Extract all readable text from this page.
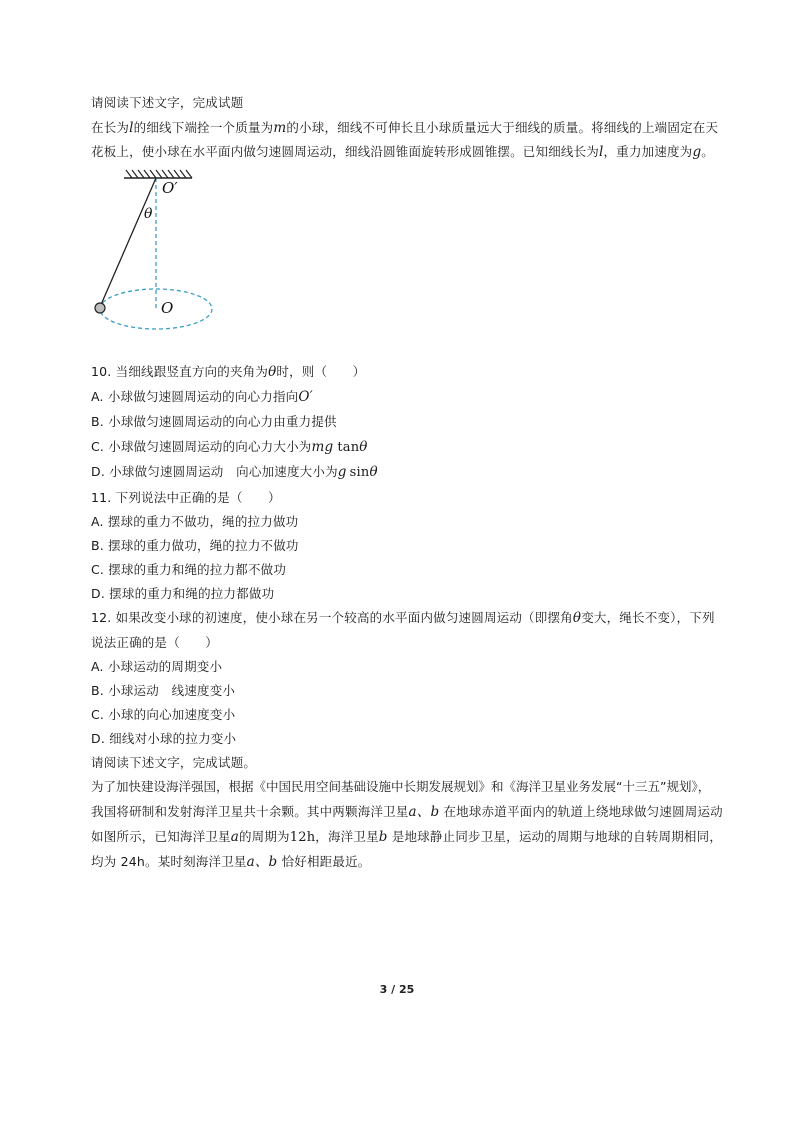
请阅读下述文字，完成试题
在长为l的细线下端拴一个质量为m的小球，细线不可伸长且小球质量远大于细线的质量。将细线的上端固定在天
花板上，使小球在水平面内做匀速圆周运动，细线沿圆锥面旋转形成圆锥摆。已知细线长为l，重力加速度为g。
O′
θ
O
10. 当细线跟竖直方向的夹角为θ时，则（　　）
A. 小球做匀速圆周运动的向心力指向O′
B. 小球做匀速圆周运动的向心力由重力提供
C. 小球做匀速圆周运动的向心力大小为mg tanθ
D. 小球做匀速圆周运动　向心加速度大小为g sinθ
11. 下列说法中正确的是（　　）
A. 摆球的重力不做功，绳的拉力做功
B. 摆球的重力做功，绳的拉力不做功
C. 摆球的重力和绳的拉力都不做功
D. 摆球的重力和绳的拉力都做功
12. 如果改变小球的初速度，使小球在另一个较高的水平面内做匀速圆周运动（即摆角θ变大，绳长不变），下列
说法正确的是（　　）
A. 小球运动的周期变小
B. 小球运动　线速度变小
C. 小球的向心加速度变小
D. 细线对小球的拉力变小
请阅读下述文字，完成试题。
为了加快建设海洋强国，根据《中国民用空间基础设施中长期发展规划》和《海洋卫星业务发展“十三五”规划》，
我国将研制和发射海洋卫星共十余颗。其中两颗海洋卫星a、b 在地球赤道平面内的轨道上绕地球做匀速圆周运动
如图所示，已知海洋卫星a的周期为12h，海洋卫星b 是地球静止同步卫星，运动的周期与地球的自转周期相同，
均为 24h。某时刻海洋卫星a、b 恰好相距最近。
3 / 25
